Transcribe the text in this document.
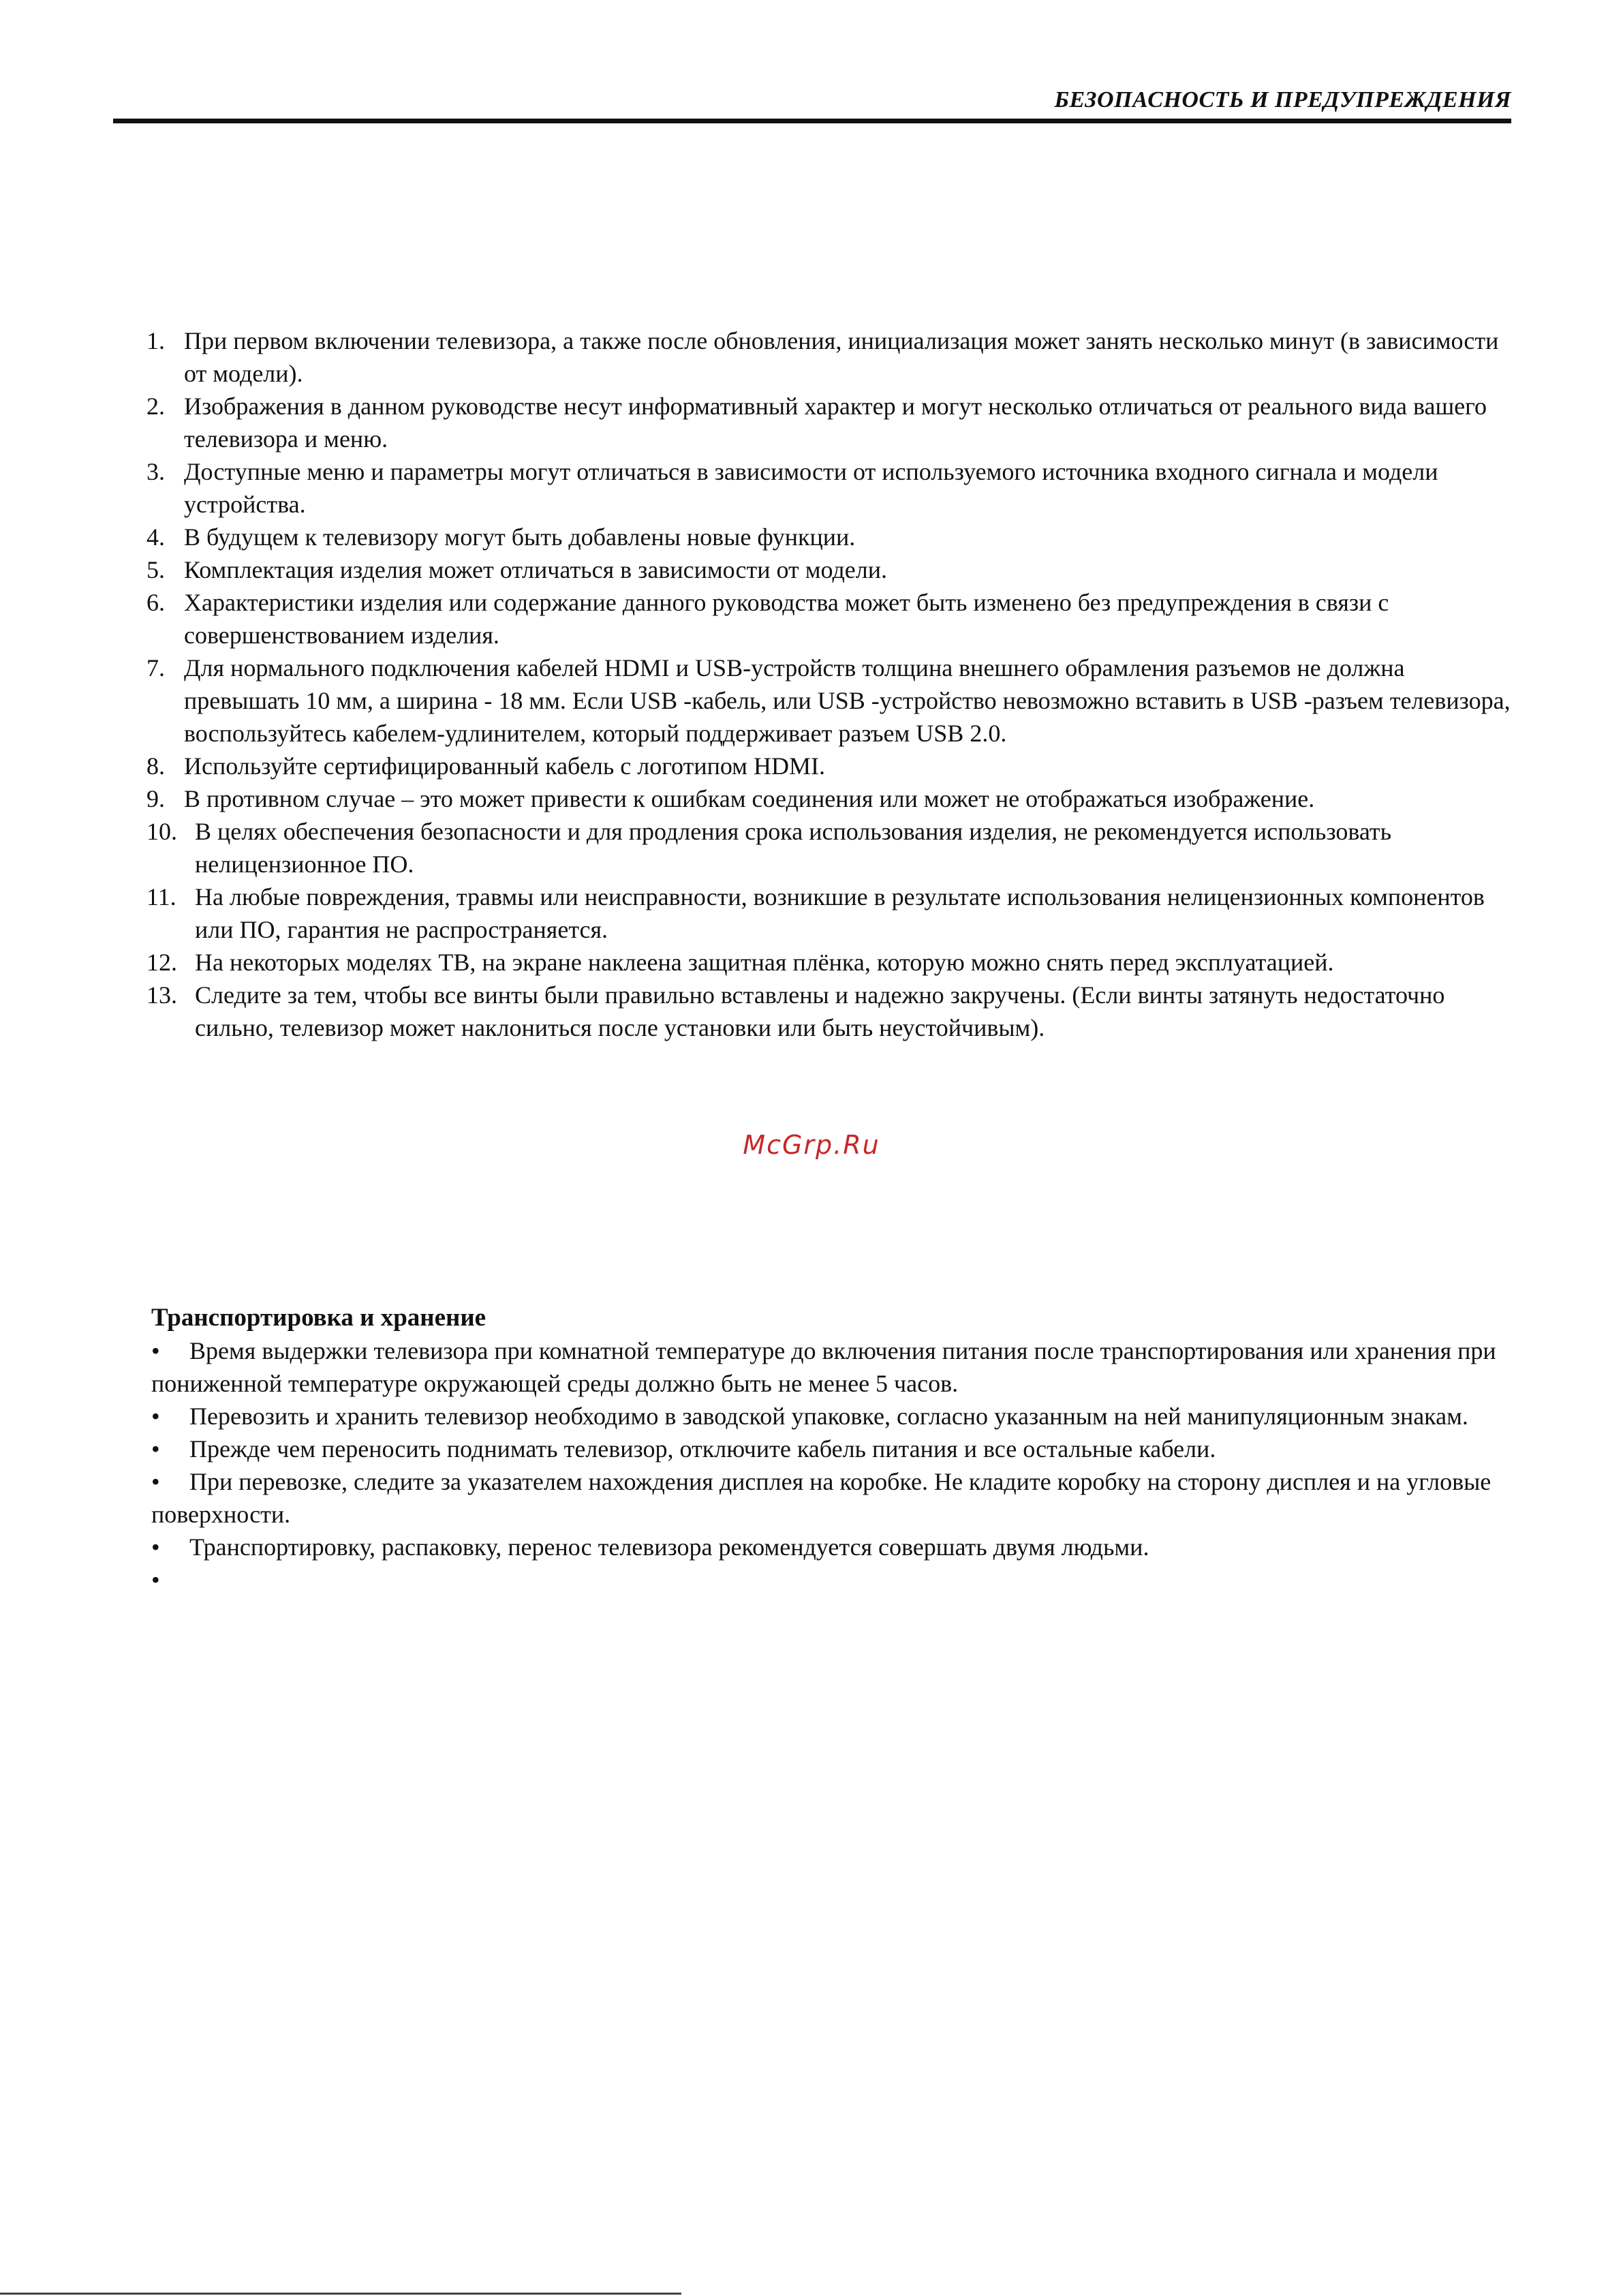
БЕЗОПАСНОСТЬ И ПРЕДУПРЕЖДЕНИЯ
1. При первом включении телевизора, а также после обновления, инициализация может занять несколько минут (в зависимости от модели).
2. Изображения в данном руководстве несут информативный характер и могут несколько отличаться от реального вида вашего телевизора и меню.
3. Доступные меню и параметры могут отличаться в зависимости от используемого источника входного сигнала и модели устройства.
4. В будущем к телевизору могут быть добавлены новые функции.
5. Комплектация изделия может отличаться в зависимости от модели.
6. Характеристики изделия или содержание данного руководства может быть изменено без предупреждения в связи с совершенствованием изделия.
7. Для нормального подключения кабелей HDMI и USB-устройств толщина внешнего обрамления разъемов не должна превышать 10 мм, а ширина - 18 мм. Если USB -кабель, или USB -устройство невозможно вставить в USB -разъем телевизора, воспользуйтесь кабелем-удлинителем, который поддерживает разъем USB 2.0.
8. Используйте сертифицированный кабель с логотипом HDMI.
9. В противном случае – это может привести к ошибкам соединения или может не отображаться изображение.
10. В целях обеспечения безопасности и для продления срока использования изделия, не рекомендуется использовать нелицензионное ПО.
11. На любые повреждения, травмы или неисправности, возникшие в результате использования нелицензионных компонентов или ПО, гарантия не распространяется.
12. На некоторых моделях ТВ, на экране наклеена защитная плёнка, которую можно снять перед эксплуатацией.
13. Следите за тем, чтобы все винты были правильно вставлены и надежно закручены. (Если винты затянуть недостаточно сильно, телевизор может наклониться после установки или быть неустойчивым).
McGrp.Ru
Транспортировка и хранение
• Время выдержки телевизора при комнатной температуре до включения питания после транспортирования или хранения при пониженной температуре окружающей среды должно быть не менее 5 часов.
• Перевозить и хранить телевизор необходимо в заводской упаковке, согласно указанным на ней манипуляционным знакам.
• Прежде чем переносить поднимать телевизор, отключите кабель питания и все остальные кабели.
• При перевозке, следите за указателем нахождения дисплея на коробке. Не кладите коробку на сторону дисплея и на угловые поверхности.
• Транспортировку, распаковку, перенос телевизора рекомендуется совершать двумя людьми.
•
